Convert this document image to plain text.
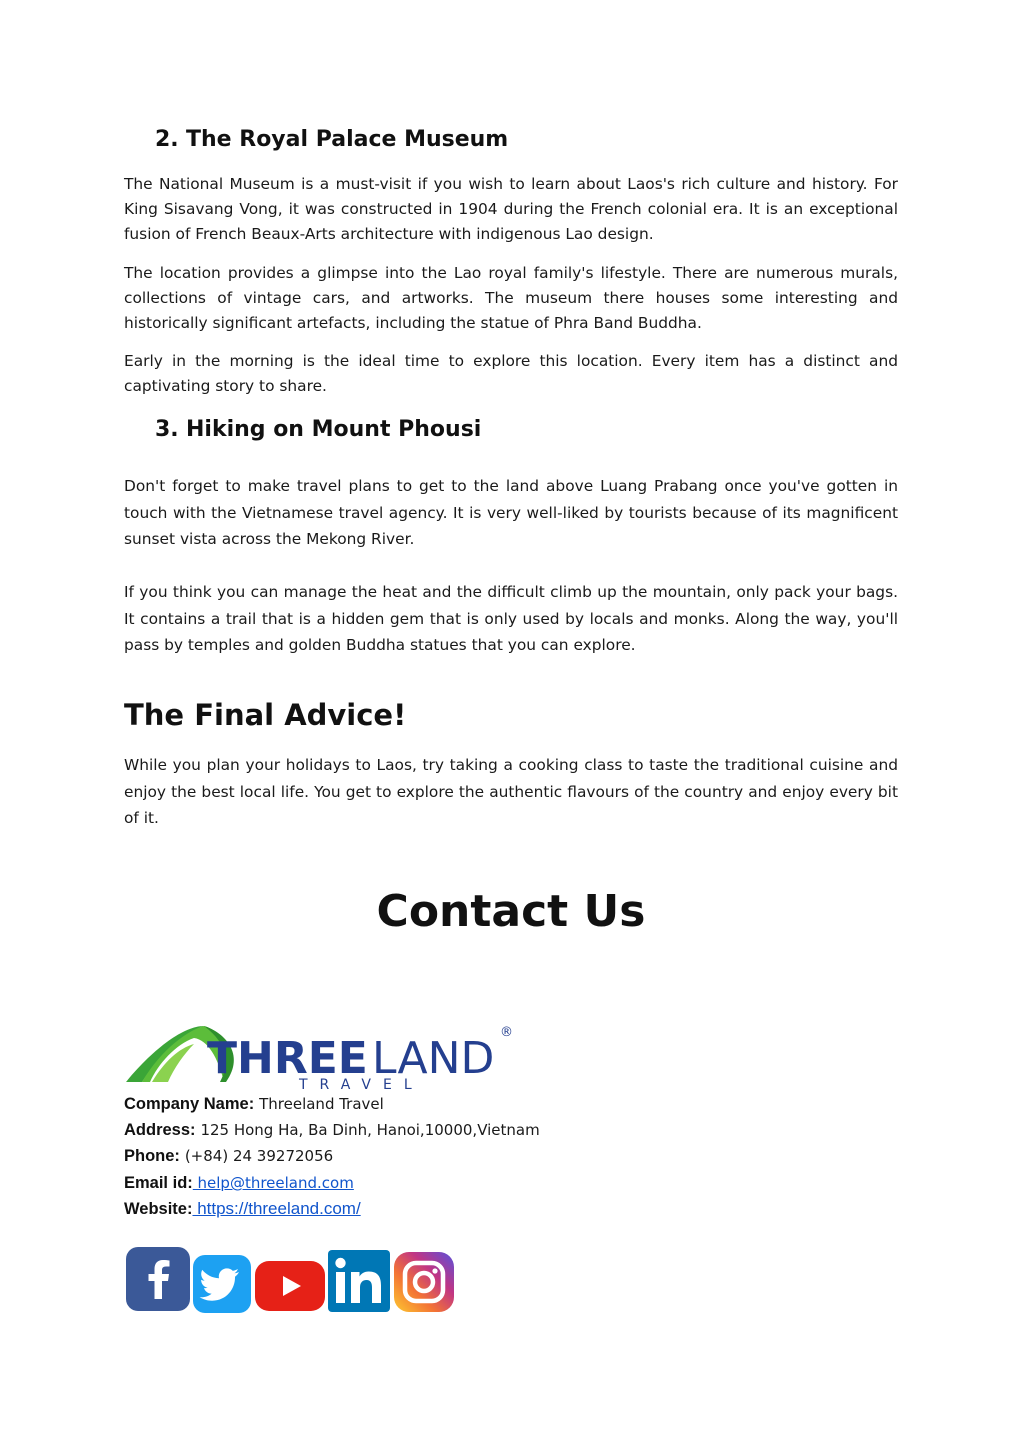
2. The Royal Palace Museum

The National Museum is a must-visit if you wish to learn about Laos's rich culture and history. For King Sisavang Vong, it was constructed in 1904 during the French colonial era. It is an exceptional fusion of French Beaux-Arts architecture with indigenous Lao design.

The location provides a glimpse into the Lao royal family's lifestyle. There are numerous murals, collections of vintage cars, and artworks. The museum there houses some interesting and historically significant artefacts, including the statue of Phra Band Buddha.

Early in the morning is the ideal time to explore this location. Every item has a distinct and captivating story to share.

3. Hiking on Mount Phousi

Don't forget to make travel plans to get to the land above Luang Prabang once you've gotten in touch with the Vietnamese travel agency. It is very well-liked by tourists because of its magnificent sunset vista across the Mekong River.

If you think you can manage the heat and the difficult climb up the mountain, only pack your bags. It contains a trail that is a hidden gem that is only used by locals and monks. Along the way, you'll pass by temples and golden Buddha statues that you can explore.

The Final Advice!

While you plan your holidays to Laos, try taking a cooking class to taste the traditional cuisine and enjoy the best local life. You get to explore the authentic flavours of the country and enjoy every bit of it.

Contact Us
THREE LAND
®
TRAVEL
Company Name: Threeland Travel
Address: 125 Hong Ha, Ba Dinh, Hanoi,10000,Vietnam
Phone: (+84) 24 39272056
Email id: help@threeland.com
Website: https://threeland.com/
